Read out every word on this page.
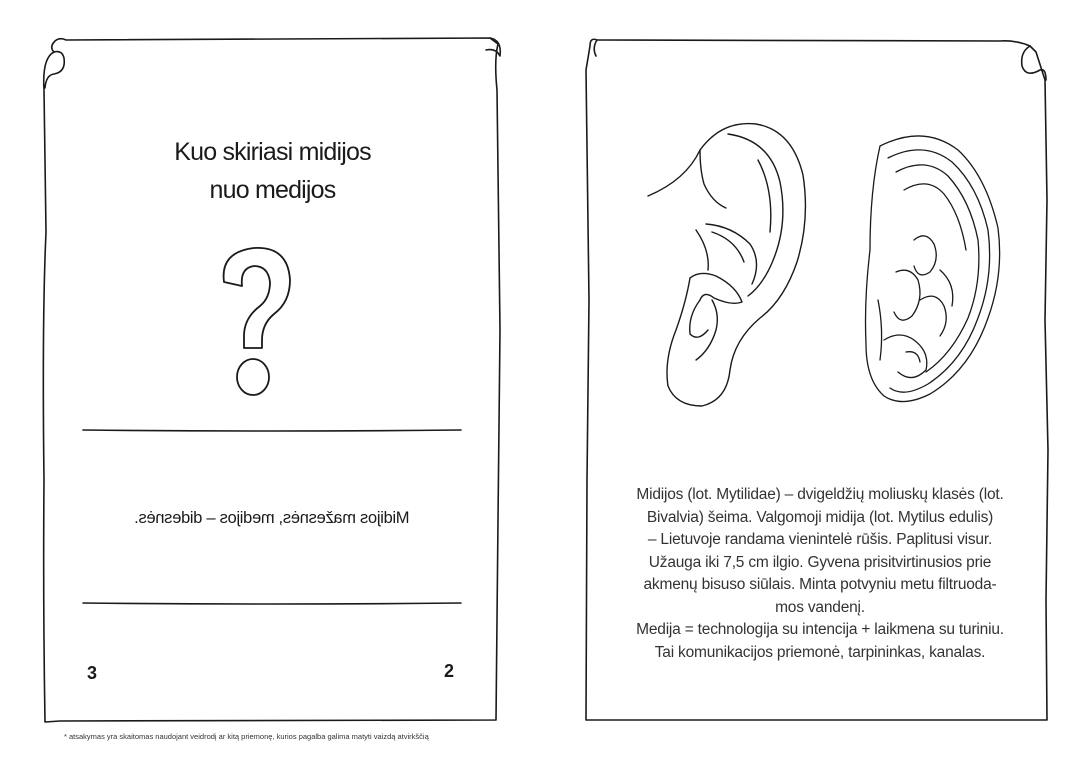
Kuo skiriasi midijos
nuo medijos
Midijos mažesnės, medijos – didesnės.
3	2
Midijos (lot. Mytilidae) – dvigeldžių moliuskų klasės (lot.
Bivalvia) šeima. Valgomoji midija (lot. Mytilus edulis)
– Lietuvoje randama vienintelė rūšis. Paplitusi visur.
Užauga iki 7,5 cm ilgio. Gyvena prisitvirtinusios prie
akmenų bisuso siūlais. Minta potvyniu metu filtruoda-
mos vandenį.
Medija = technologija su intencija + laikmena su turiniu.
Tai komunikacijos priemonė, tarpininkas, kanalas.
* atsakymas yra skaitomas naudojant veidrodį ar kitą priemonę, kurios pagalba galima matyti vaizdą atvirkščią
